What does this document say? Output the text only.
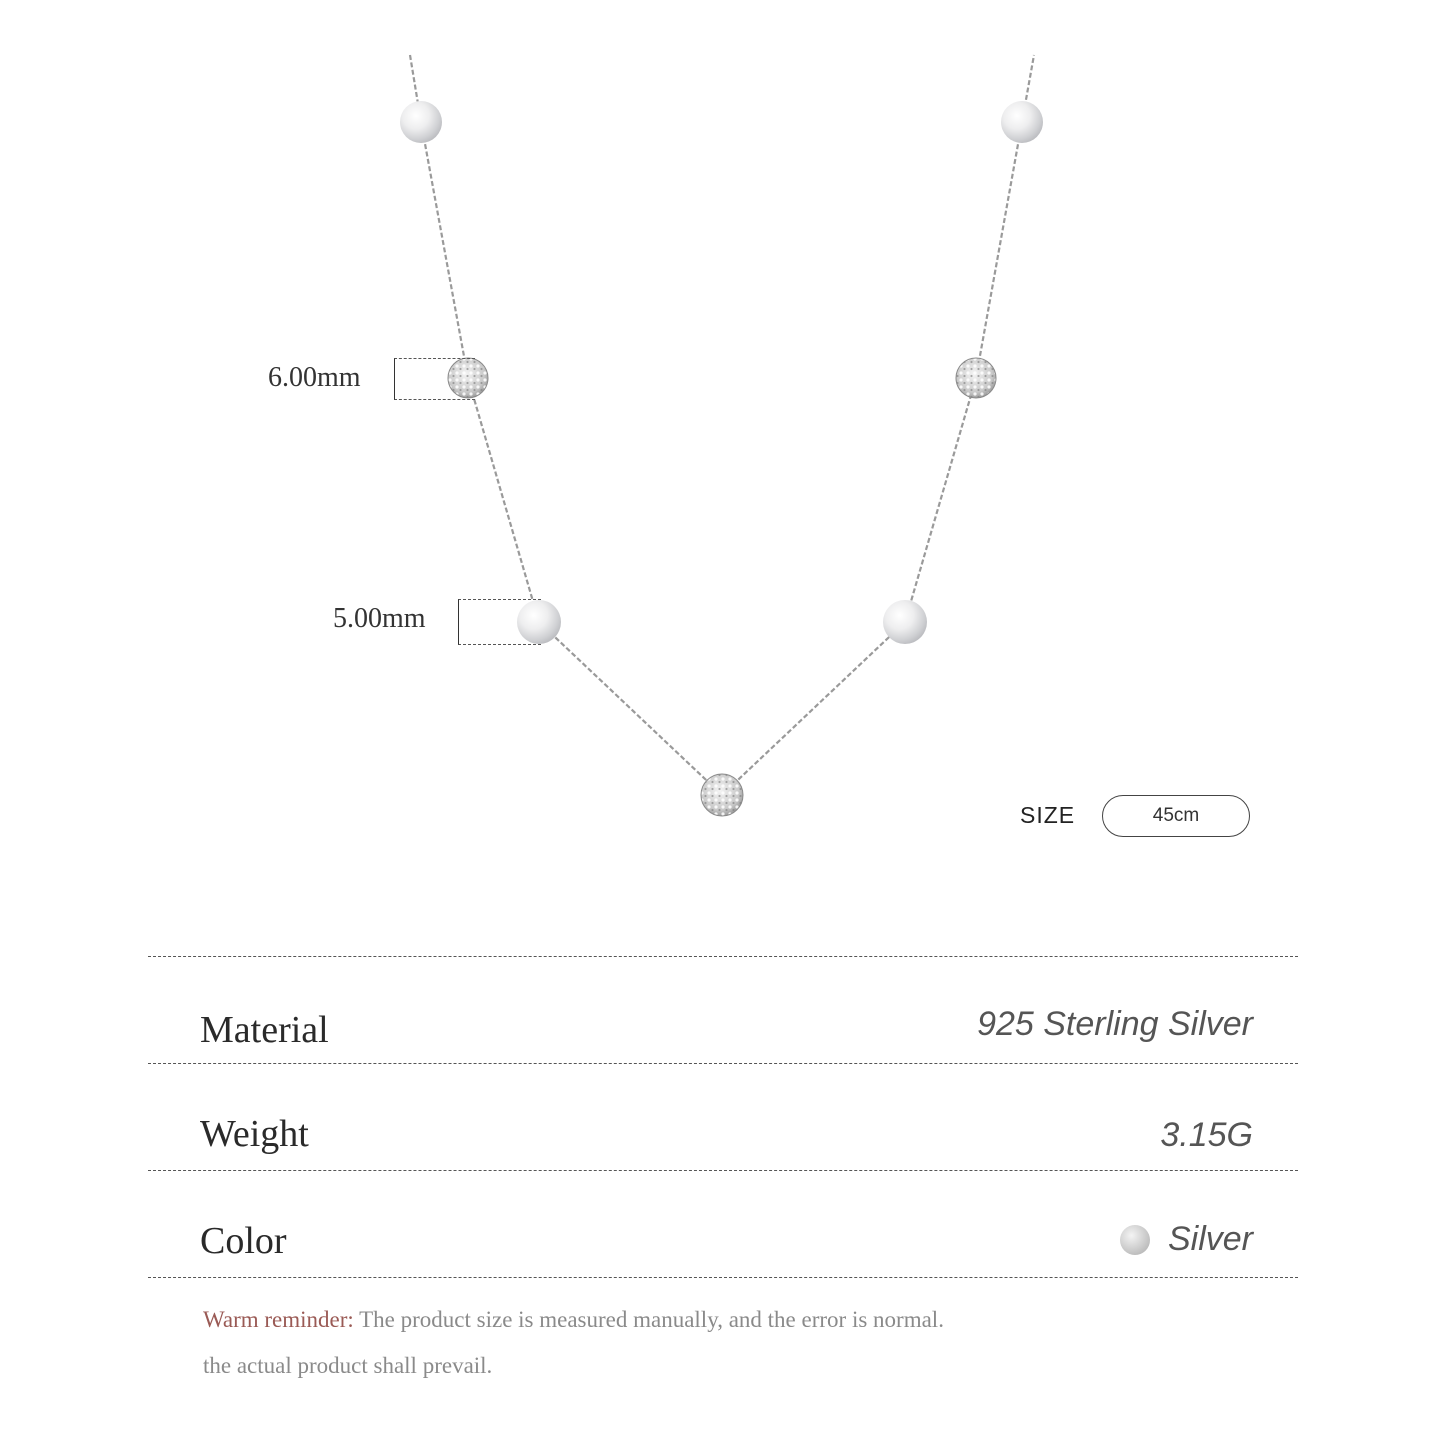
6.00mm
5.00mm
SIZE	45cm
Material	925 Sterling Silver
Weight	3.15G
Color	Silver
Warm reminder: The product size is measured manually, and the error is normal.
the actual product shall prevail.
